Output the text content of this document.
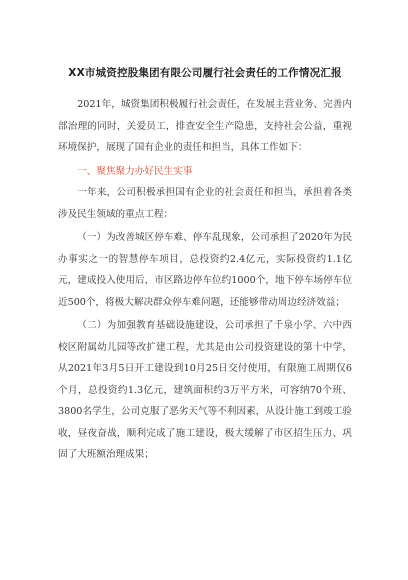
XX市城资控股集团有限公司履行社会责任的工作情况汇报

2021年，城资集团积极履行社会责任，在发展主营业务、完善内部治理的同时，关爱员工，排查安全生产隐患，支持社会公益，重视环境保护，展现了国有企业的责任和担当，具体工作如下：

一、聚焦聚力办好民生实事

一年来，公司积极承担国有企业的社会责任和担当，承担着各类涉及民生领域的重点工程：

（一）为改善城区停车难、停车乱现象，公司承担了2020年为民办事实之一的智慧停车项目，总投资约2.4亿元，实际投资约1.1亿元，建成投入使用后，市区路边停车位约1000个，地下停车场停车位近500个，将极大解决群众停车难问题，还能够带动周边经济效益；

（二）为加强教育基础设施建设，公司承担了千泉小学、六中西校区附属幼儿园等改扩建工程，尤其是由公司投资建设的第十中学，从2021年3月5日开工建设到10月25日交付使用，有限施工周期仅6个月，总投资约1.3亿元，建筑面积约3万平方米，可容纳70个班、3800名学生，公司克服了恶劣天气等不利因素，从设计施工到竣工验收，昼夜奋战，顺利完成了施工建设，极大缓解了市区招生压力、巩固了大班额治理成果；
